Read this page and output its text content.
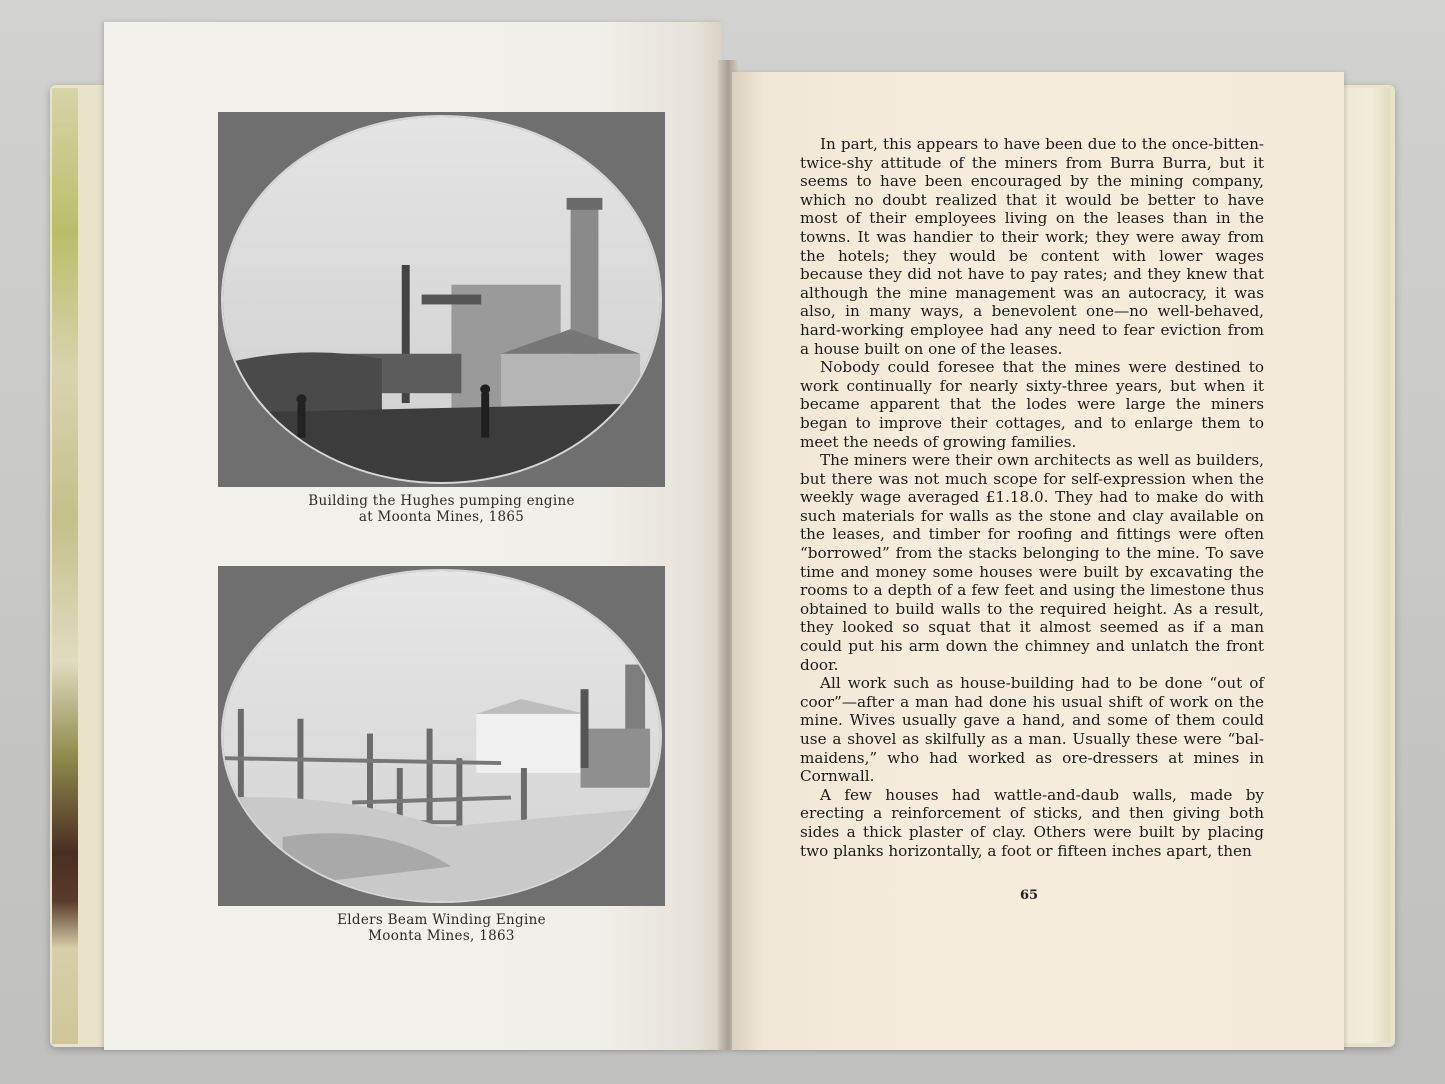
Building the Hughes pumping engine
at Moonta Mines, 1865
Elders Beam Winding Engine
Moonta Mines, 1863

In part, this appears to have been due to the once-bitten-twice-shy attitude of the miners from Burra Burra, but it seems to have been encouraged by the mining company, which no doubt realized that it would be better to have most of their employees living on the leases than in the towns. It was handier to their work; they were away from the hotels; they would be content with lower wages because they did not have to pay rates; and they knew that although the mine management was an autocracy, it was also, in many ways, a benevolent one—no well-behaved, hard-working employee had any need to fear eviction from a house built on one of the leases.

Nobody could foresee that the mines were destined to work continually for nearly sixty-three years, but when it became apparent that the lodes were large the miners began to improve their cottages, and to enlarge them to meet the needs of growing families.

The miners were their own architects as well as builders, but there was not much scope for self-expression when the weekly wage averaged £1.18.0. They had to make do with such materials for walls as the stone and clay available on the leases, and timber for roofing and fittings were often “borrowed” from the stacks belonging to the mine. To save time and money some houses were built by excavating the rooms to a depth of a few feet and using the limestone thus obtained to build walls to the required height. As a result, they looked so squat that it almost seemed as if a man could put his arm down the chimney and unlatch the front door.

All work such as house-building had to be done “out of coor”—after a man had done his usual shift of work on the mine. Wives usually gave a hand, and some of them could use a shovel as skilfully as a man. Usually these were “bal-maidens,” who had worked as ore-dressers at mines in Cornwall.

A few houses had wattle-and-daub walls, made by erecting a reinforcement of sticks, and then giving both sides a thick plaster of clay. Others were built by placing two planks horizontally, a foot or fifteen inches apart, then

65
